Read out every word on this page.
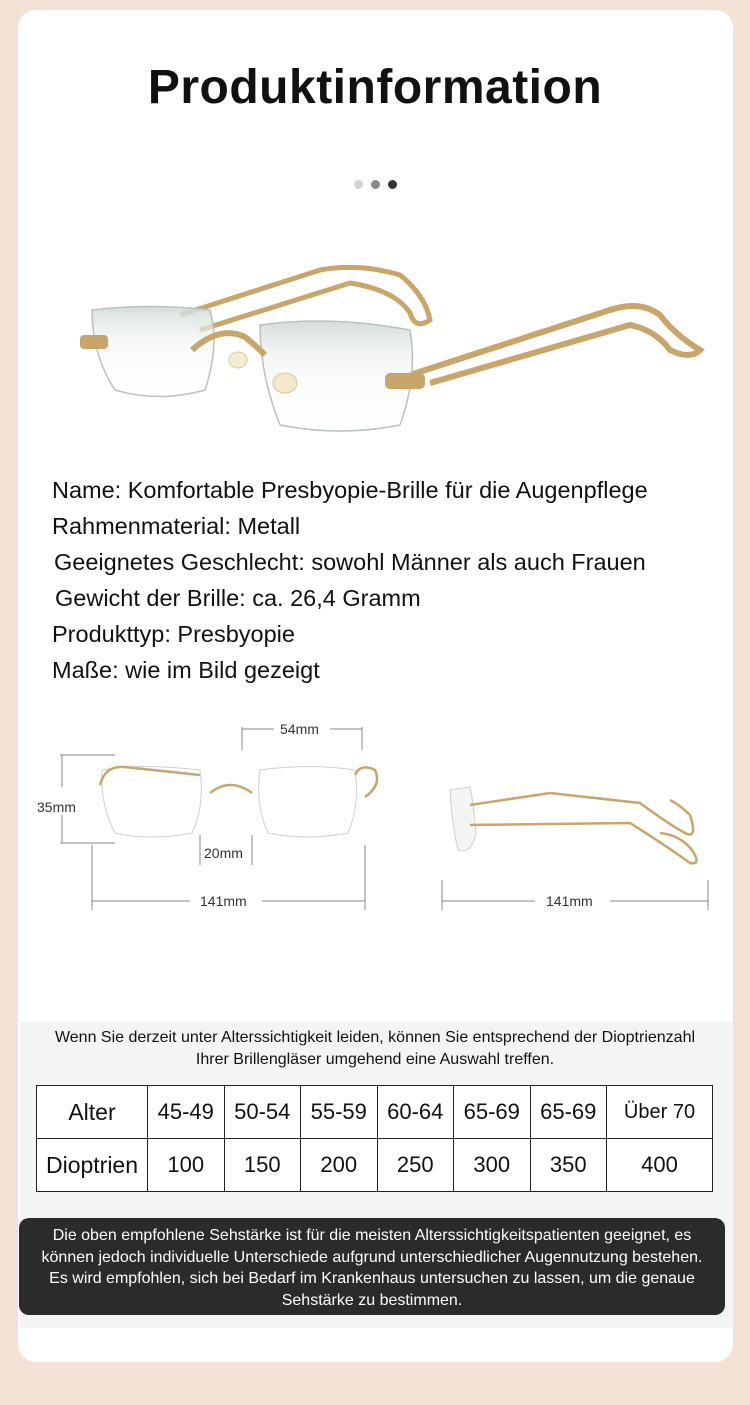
Produktinformation
Name: Komfortable Presbyopie-Brille für die Augenpflege
Rahmenmaterial: Metall
Geeignetes Geschlecht: sowohl Männer als auch Frauen
Gewicht der Brille: ca. 26,4 Gramm
Produkttyp: Presbyopie
Maße: wie im Bild gezeigt
54mm
35mm
20mm
141mm	141mm
Wenn Sie derzeit unter Alterssichtigkeit leiden, können Sie entsprechend der Dioptrienzahl Ihrer Brillengläser umgehend eine Auswahl treffen.
Alter	45-49	50-54	55-59	60-64	65-69	65-69	Über 70
Dioptrien	100	150	200	250	300	350	400
Die oben empfohlene Sehstärke ist für die meisten Alterssichtigkeitspatienten geeignet, es können jedoch individuelle Unterschiede aufgrund unterschiedlicher Augennutzung bestehen. Es wird empfohlen, sich bei Bedarf im Krankenhaus untersuchen zu lassen, um die genaue Sehstärke zu bestimmen.
